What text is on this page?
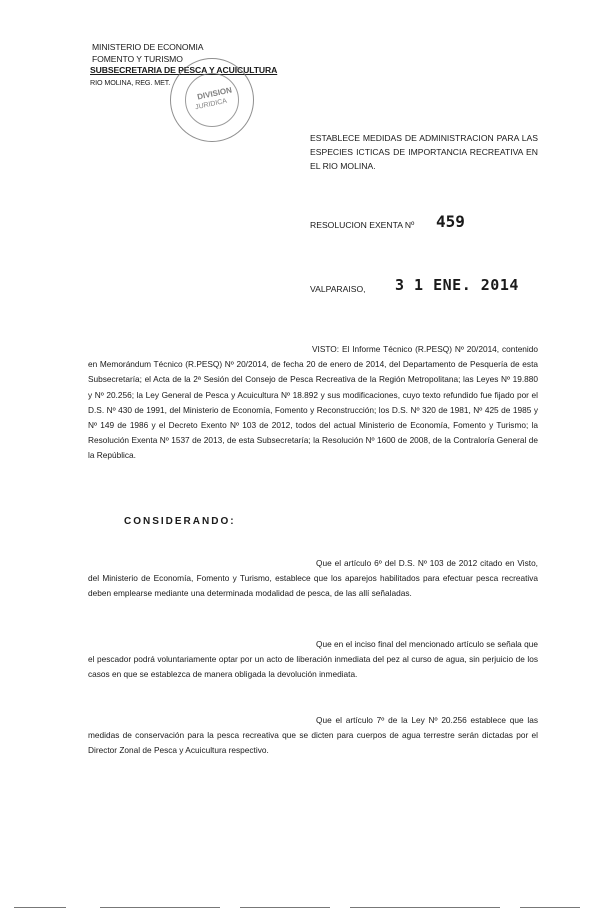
MINISTERIO DE ECONOMIA
FOMENTO Y TURISMO
SUBSECRETARIA DE PESCA Y ACUICULTURA
RIO MOLINA, REG. MET.
DIVISION
JURIDICA
ESTABLECE MEDIDAS DE ADMINISTRACION PARA LAS ESPECIES ICTICAS DE IMPORTANCIA RECREATIVA EN EL RIO MOLINA.
RESOLUCION EXENTA Nº 459
VALPARAISO, 3 1 ENE. 2014
VISTO: El Informe Técnico (R.PESQ) Nº 20/2014, contenido en Memorándum Técnico (R.PESQ) Nº 20/2014, de fecha 20 de enero de 2014, del Departamento de Pesquería de esta Subsecretaría; el Acta de la 2ª Sesión del Consejo de Pesca Recreativa de la Región Metropolitana; las Leyes Nº 19.880 y Nº 20.256; la Ley General de Pesca y Acuicultura Nº 18.892 y sus modificaciones, cuyo texto refundido fue fijado por el D.S. Nº 430 de 1991, del Ministerio de Economía, Fomento y Reconstrucción; los D.S. Nº 320 de 1981, Nº 425 de 1985 y Nº 149 de 1986 y el Decreto Exento Nº 103 de 2012, todos del actual Ministerio de Economía, Fomento y Turismo; la Resolución Exenta Nº 1537 de 2013, de esta Subsecretaría; la Resolución Nº 1600 de 2008, de la Contraloría General de la República.
CONSIDERANDO:
Que el artículo 6º del D.S. Nº 103 de 2012 citado en Visto, del Ministerio de Economía, Fomento y Turismo, establece que los aparejos habilitados para efectuar pesca recreativa deben emplearse mediante una determinada modalidad de pesca, de las allí señaladas.
Que en el inciso final del mencionado artículo se señala que el pescador podrá voluntariamente optar por un acto de liberación inmediata del pez al curso de agua, sin perjuicio de los casos en que se establezca de manera obligada la devolución inmediata.
Que el artículo 7º de la Ley Nº 20.256 establece que las medidas de conservación para la pesca recreativa que se dicten para cuerpos de agua terrestre serán dictadas por el Director Zonal de Pesca y Acuicultura respectivo.
